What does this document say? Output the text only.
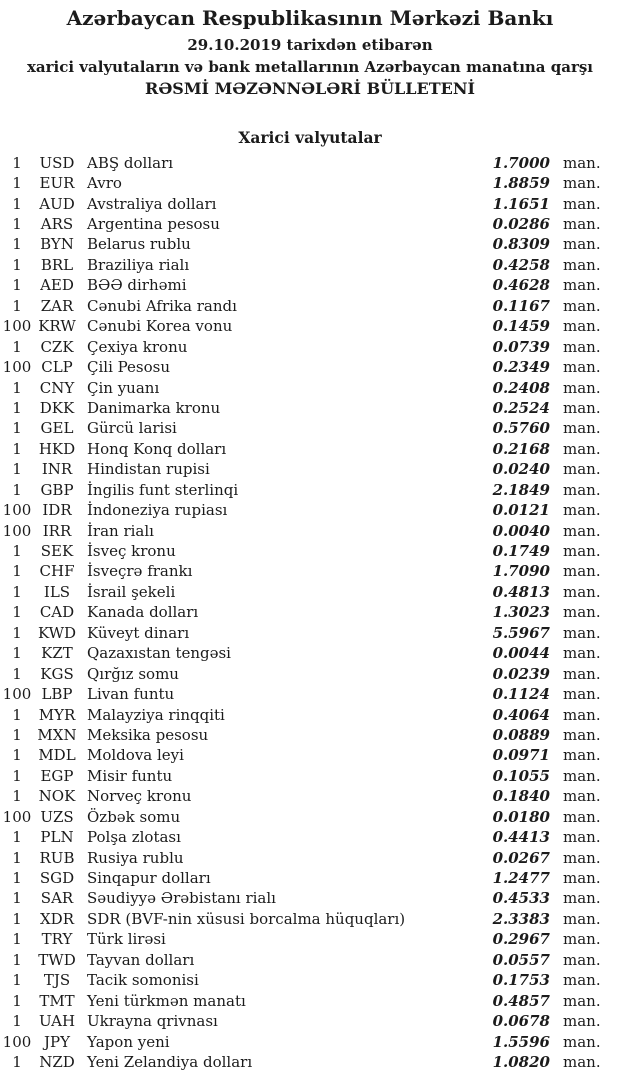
Azərbaycan Respublikasının Mərkəzi Bankı
29.10.2019 tarixdən etibarən
xarici valyutaların və bank metallarının Azərbaycan manatına qarşı
RƏSMİ MƏZƏNNƏLƏRİ BÜLLETENİ
Xarici valyutalar
1	USD ABŞ dolları	1.7000 man.
1	EUR Avro	1.8859 man.
1	AUD Avstraliya dolları	1.1651 man.
1	ARS Argentina pesosu	0.0286 man.
1	BYN Belarus rublu	0.8309 man.
1	BRL Braziliya rialı	0.4258 man.
1	AED BƏƏ dirhəmi	0.4628 man.
1	ZAR Cənubi Afrika randı	0.1167 man.
100 KRW Cənubi Korea vonu	0.1459 man.
1	CZK Çexiya kronu	0.0739 man.
100 CLP Çili Pesosu	0.2349 man.
1	CNY Çin yuanı	0.2408 man.
1	DKK Danimarka kronu	0.2524 man.
1	GEL Gürcü larisi	0.5760 man.
1	HKD Honq Konq dolları	0.2168 man.
1	INR Hindistan rupisi	0.0240 man.
1	GBP İngilis funt sterlinqi	2.1849 man.
100 IDR	İndoneziya rupiası	0.0121 man.
100 IRR	İran rialı	0.0040 man.
1	SEK İsveç kronu	0.1749 man.
1	CHF İsveçrə frankı	1.7090 man.
1	ILS	İsrail şekeli	0.4813 man.
1	CAD Kanada dolları	1.3023 man.
1	KWD Küveyt dinarı	5.5967 man.
1	KZT Qazaxıstan tengəsi	0.0044 man.
1	KGS Qırğız somu	0.0239 man.
100 LBP Livan funtu	0.1124 man.
1	MYR Malayziya rinqqiti	0.4064 man.
1	MXN Meksika pesosu	0.0889 man.
1	MDL Moldova leyi	0.0971 man.
1	EGP Misir funtu	0.1055 man.
1	NOK Norveç kronu	0.1840 man.
100 UZS Özbək somu	0.0180 man.
1	PLN Polşa zlotası	0.4413 man.
1	RUB Rusiya rublu	0.0267 man.
1	SGD Sinqapur dolları	1.2477 man.
1	SAR Səudiyyə Ərəbistanı rialı	0.4533 man.
1	XDR SDR (BVF-nin xüsusi borcalma hüquqları)	2.3383 man.
1	TRY Türk lirəsi	0.2967 man.
1	TWD Tayvan dolları	0.0557 man.
1	TJS	Tacik somonisi	0.1753 man.
1	TMT Yeni türkmən manatı	0.4857 man.
1	UAH Ukrayna qrivnası	0.0678 man.
100 JPY	Yapon yeni	1.5596 man.
1	NZD Yeni Zelandiya dolları	1.0820 man.
